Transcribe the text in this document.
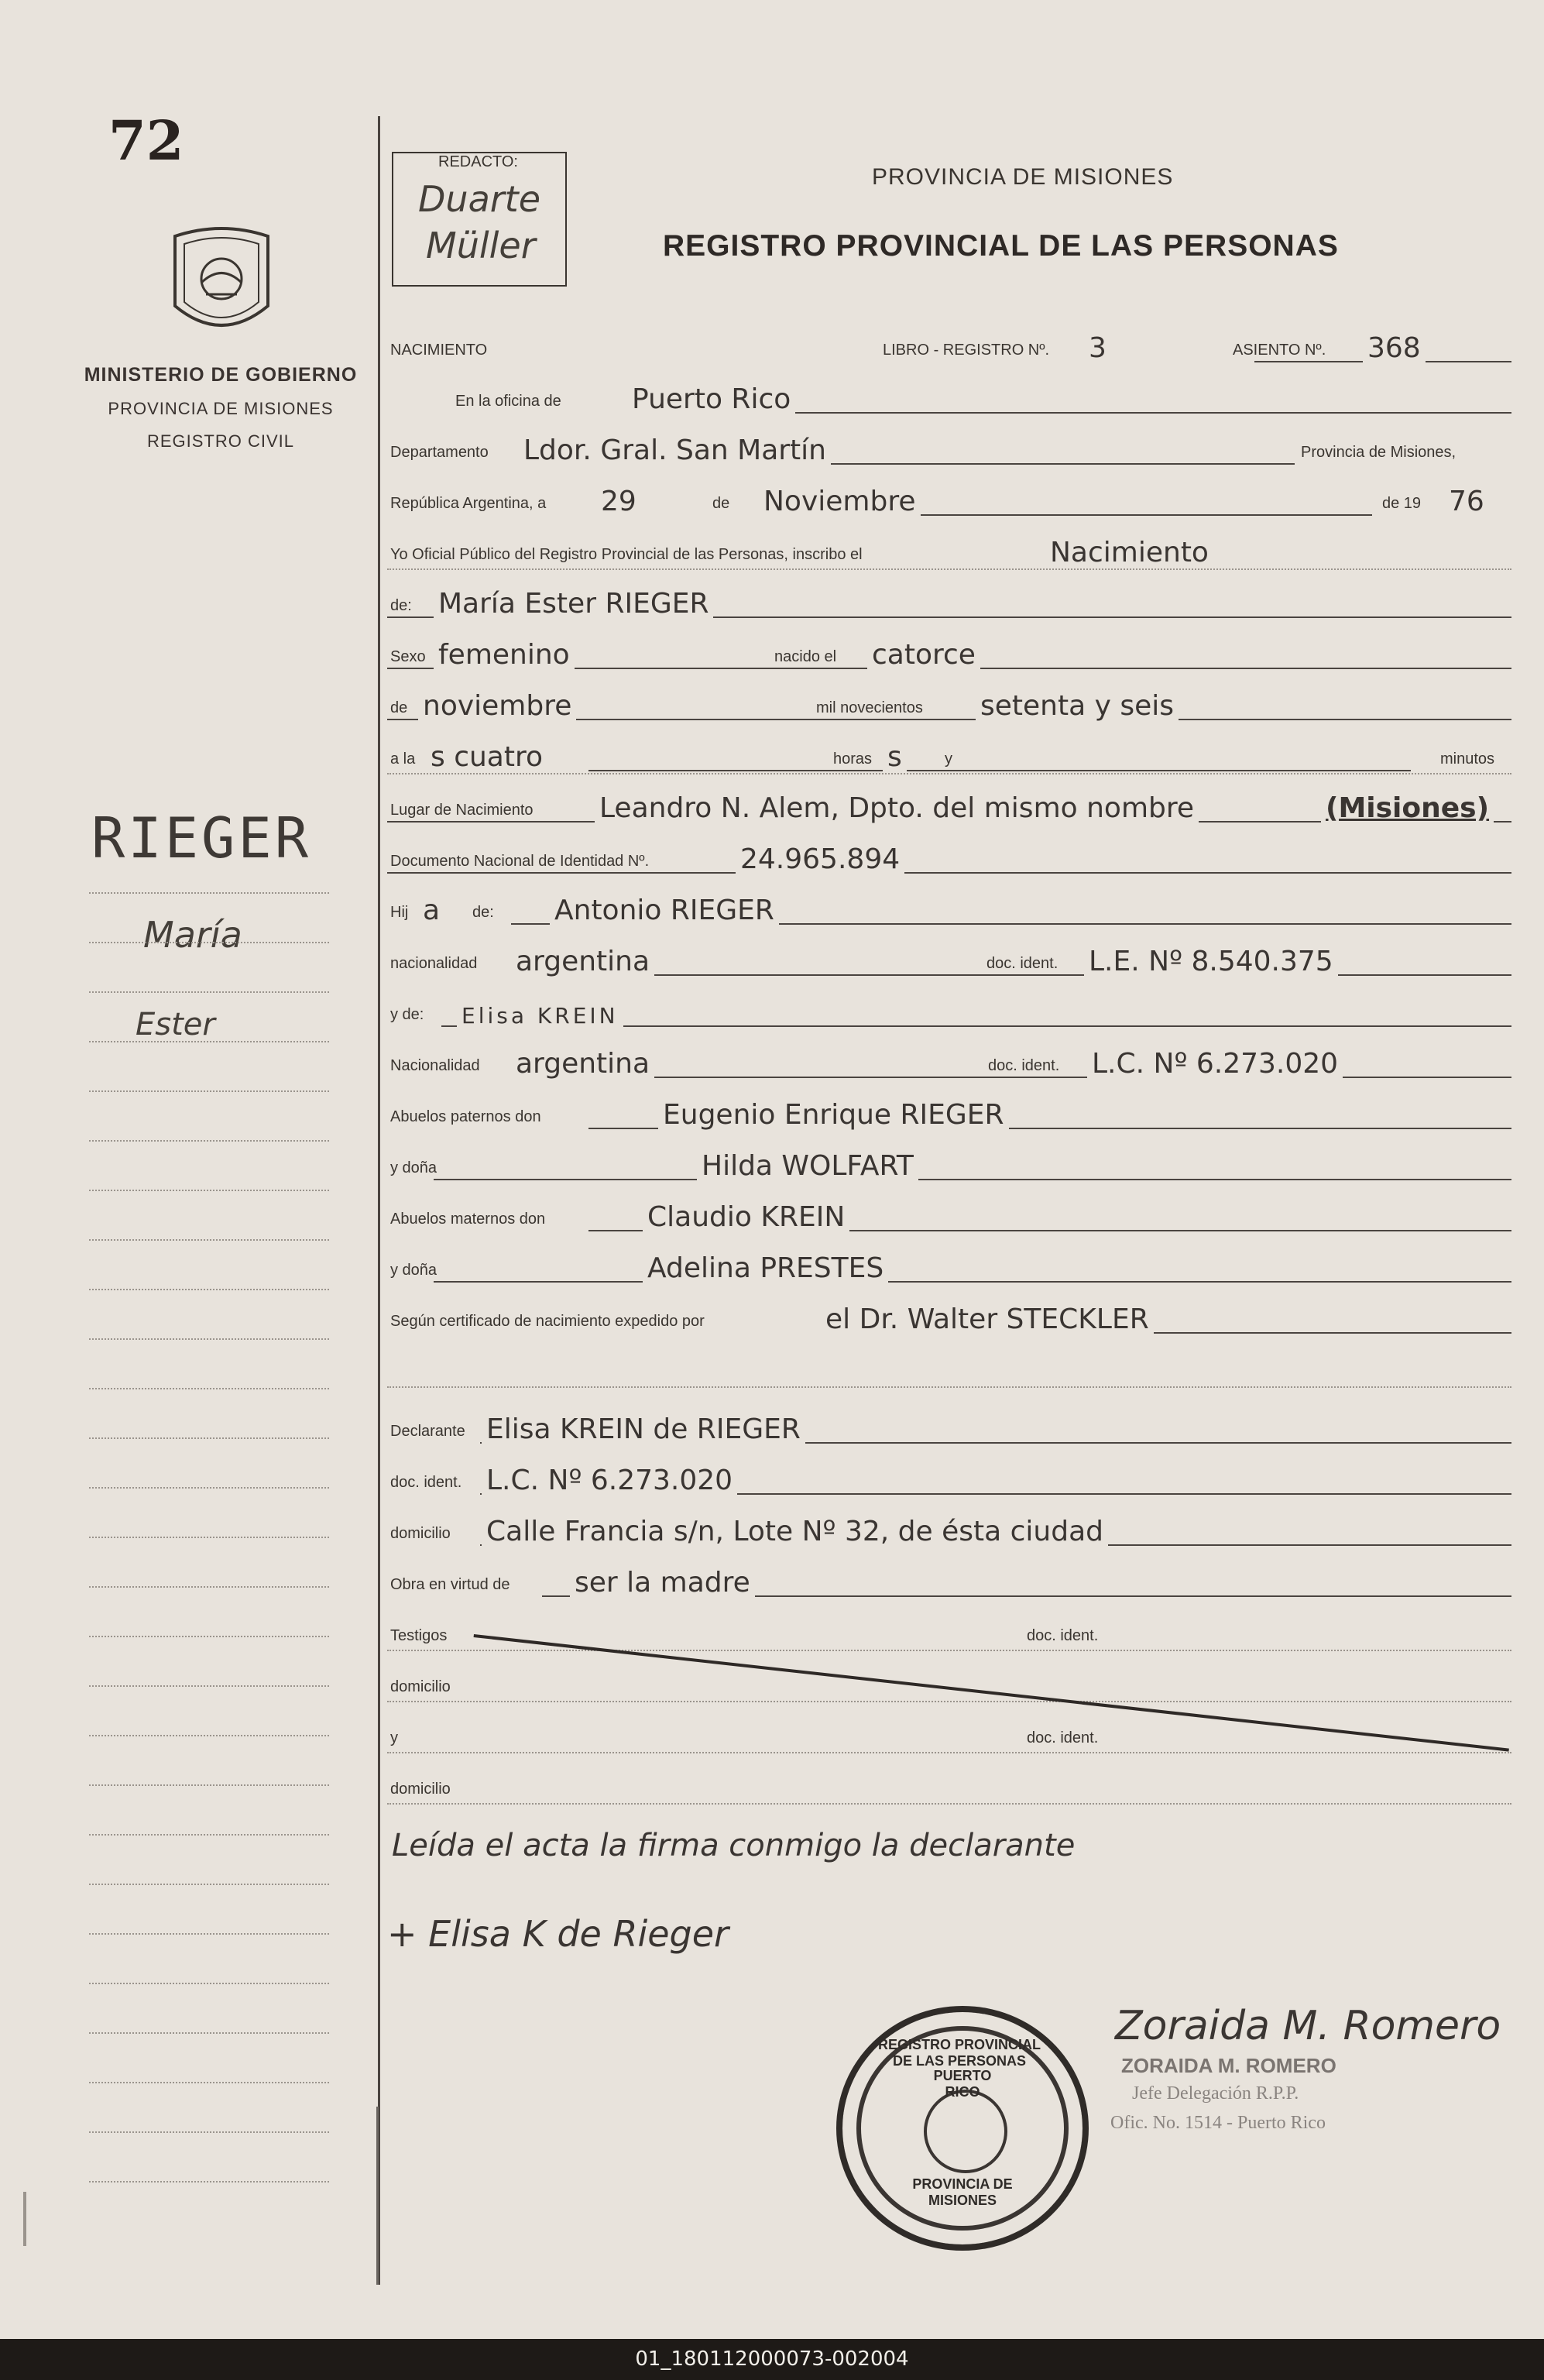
72
MINISTERIO DE GOBIERNO
PROVINCIA DE MISIONES
REGISTRO CIVIL
RIEGER
María
Ester
REDACTO:
Duarte
Müller
PROVINCIA DE MISIONES
REGISTRO PROVINCIAL DE LAS PERSONAS
NACIMIENTO	LIBRO - REGISTRO Nº. 3	ASIENTO Nº. 368
En la oficina de	Puerto Rico
Departamento Ldor. Gral. San Martín	Provincia de Misiones,
República Argentina, a 29	de Noviembre	de 19 76
Yo Oficial Público del Registro Provincial de las Personas, inscribo el	Nacimiento
de: María Ester RIEGER
Sexo femenino	nacido el catorce
de noviembre	mil novecientos setenta y seis
a la s cuatro	horas s	y	minutos
Lugar de Nacimiento Leandro N. Alem, Dpto. del mismo nombre	(Misiones)
Documento Nacional de Identidad Nº.	24.965.894
Hij a	de: Antonio RIEGER
nacionalidad argentina	doc. ident. L.E. Nº 8.540.375
y de: Elisa KREIN
Nacionalidad argentina	doc. ident. L.C. Nº 6.273.020
Abuelos paternos don	Eugenio Enrique RIEGER
y doña	Hilda WOLFART
Abuelos maternos don	Claudio KREIN
y doña	Adelina PRESTES
Según certificado de nacimiento expedido por	el Dr. Walter STECKLER
Declarante Elisa KREIN de RIEGER
doc. ident. L.C. Nº 6.273.020
domicilio Calle Francia s/n, Lote Nº 32, de ésta ciudad
Obra en virtud de ser la madre
Testigos	doc. ident.
domicilio
y	doc. ident.
domicilio
Leída el acta la firma conmigo la declarante
+ Elisa K de Rieger
REGISTRO PROVINCIAL DE LAS PERSONAS
PUERTO RICO
PROVINCIA DE MISIONES
Zoraida M. Romero
ZORAIDA M. ROMERO
Jefe Delegación R.P.P.
Ofic. No. 1514 - Puerto Rico
01_180112000073-002004
